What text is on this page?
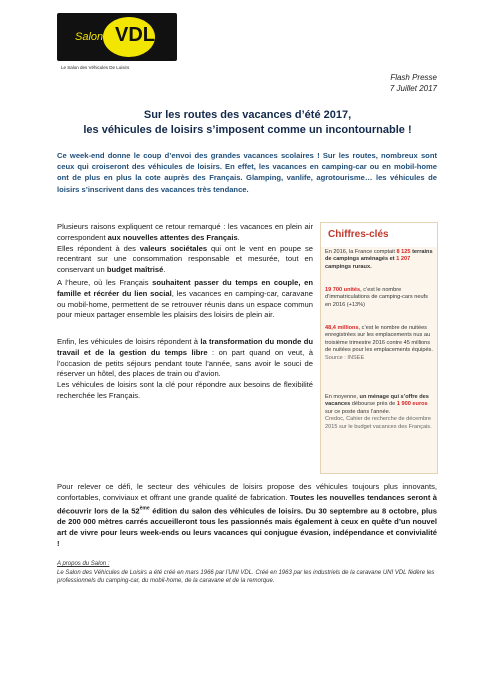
Salon VDL
Le Salon des Véhicules De Loisirs
Flash Presse
7 Juillet 2017
Sur les routes des vacances d’été 2017,
les véhicules de loisirs s’imposent comme un incontournable !
Ce week-end donne le coup d’envoi des grandes vacances scolaires ! Sur les routes, nombreux sont ceux qui croiseront des véhicules de loisirs. En effet, les vacances en camping-car ou en mobil-home ont de plus en plus la cote auprès des Français. Glamping, vanlife, agrotourisme… les véhicules de loisirs s’inscrivent dans des vacances très tendance.
Plusieurs raisons expliquent ce retour remarqué : les vacances en plein air correspondent aux nouvelles attentes des Français.
Elles répondent à des valeurs sociétales qui ont le vent en poupe se recentrant sur une consommation responsable et mesurée, tout en conservant un budget maîtrisé.
A l’heure, où les Français souhaitent passer du temps en couple, en famille et récréer du lien social, les vacances en camping-car, caravane ou mobil-home, permettent de se retrouver réunis dans un espace commun pour mieux partager ensemble les plaisirs des loisirs de plein air.
Enfin, les véhicules de loisirs répondent à la transformation du monde du travail et de la gestion du temps libre : on part quand on veut, à l’occasion de petits séjours pendant toute l’année, sans avoir le souci de réserver un hôtel, des places de train ou d’avion.
Les véhicules de loisirs sont la clé pour répondre aux besoins de flexibilité recherchée les Français.
Chiffres-clés
En 2016, la France comptait 8 125 terrains de campings aménagés et 1 207 campings ruraux.
19 700 unités, c’est le nombre d’immatriculations de camping-cars neufs en 2016 (+13%)
48,4 millions, c’est le nombre de nuitées enregistrées sur les emplacements nus au troisième trimestre 2016 contre 45 millions de nuitées pour les emplacements équipés.
Source : INSEE
En moyenne, un ménage qui s’offre des vacances débourse près de 1 900 euros sur ce poste dans l’année.
Credoc, Cahier de recherche de décembre 2015 sur le budget vacances des Français.
Pour relever ce défi, le secteur des véhicules de loisirs propose des véhicules toujours plus innovants, confortables, conviviaux et offrant une grande qualité de fabrication. Toutes les nouvelles tendances seront à découvrir lors de la 52ème édition du salon des véhicules de loisirs. Du 30 septembre au 8 octobre, plus de 200 000 mètres carrés accueilleront tous les passionnés mais également à ceux en quête d’un nouvel art de vivre pour leurs week-ends ou leurs vacances qui conjugue évasion, indépendance et convivialité !
A propos du Salon :
Le Salon des Véhicules de Loisirs a été créé en mars 1966 par l’UNI VDL. Créé en 1963 par les industriels de la caravane UNI VDL fédère les professionnels du camping-car, du mobil-home, de la caravane et de la remorque.
